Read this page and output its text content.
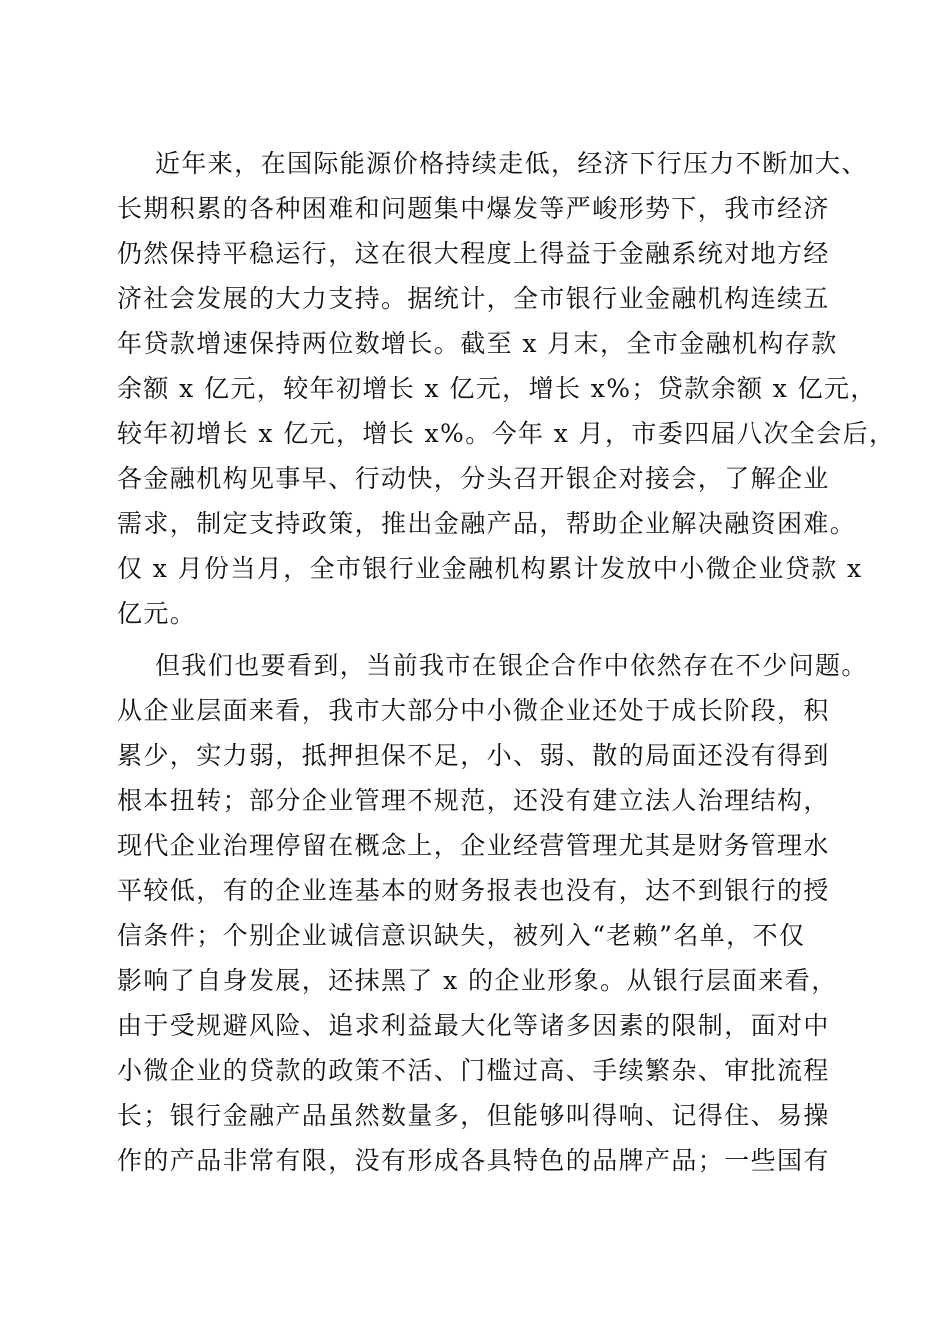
近年来，在国际能源价格持续走低，经济下行压力不断加大、
长期积累的各种困难和问题集中爆发等严峻形势下，我市经济
仍然保持平稳运行，这在很大程度上得益于金融系统对地方经
济社会发展的大力支持。据统计，全市银行业金融机构连续五
年贷款增速保持两位数增长。截至 x 月末，全市金融机构存款
余额 x 亿元，较年初增长 x 亿元，增长 x%；贷款余额 x 亿元，
较年初增长 x 亿元，增长 x%。今年 x 月，市委四届八次全会后，
各金融机构见事早、行动快，分头召开银企对接会，了解企业
需求，制定支持政策，推出金融产品，帮助企业解决融资困难。
仅 x 月份当月，全市银行业金融机构累计发放中小微企业贷款 x
亿元。
但我们也要看到，当前我市在银企合作中依然存在不少问题。
从企业层面来看，我市大部分中小微企业还处于成长阶段，积
累少，实力弱，抵押担保不足，小、弱、散的局面还没有得到
根本扭转；部分企业管理不规范，还没有建立法人治理结构，
现代企业治理停留在概念上，企业经营管理尤其是财务管理水
平较低，有的企业连基本的财务报表也没有，达不到银行的授
信条件；个别企业诚信意识缺失，被列入“老赖”名单，不仅
影响了自身发展，还抹黑了 x 的企业形象。从银行层面来看，
由于受规避风险、追求利益最大化等诸多因素的限制，面对中
小微企业的贷款的政策不活、门槛过高、手续繁杂、审批流程
长；银行金融产品虽然数量多，但能够叫得响、记得住、易操
作的产品非常有限，没有形成各具特色的品牌产品；一些国有
